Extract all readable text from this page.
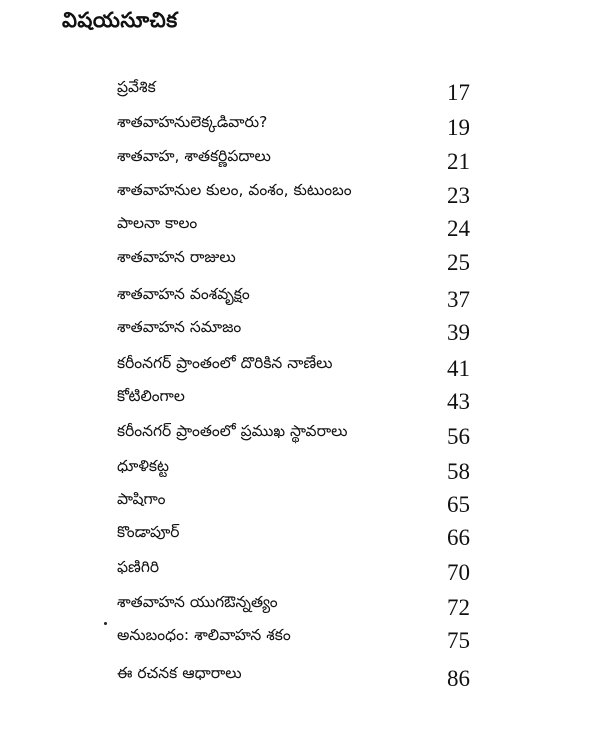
విషయసూచిక
ప్రవేశిక	17
శాతవాహనులెక్కడివారు?	19
శాతవాహ, శాతకర్ణిపదాలు	21
శాతవాహనుల కులం, వంశం, కుటుంబం	23
పాలనా కాలం	24
శాతవాహన రాజులు	25
శాతవాహన వంశవృక్షం	37
శాతవాహన సమాజం	39
కరీంనగర్ ప్రాంతంలో దొరికిన నాణేలు	41
కోటిలింగాల	43
కరీంనగర్ ప్రాంతంలో ప్రముఖ స్థావరాలు	56
ధూళికట్ట	58
పాషిగాం	65
కొండాపూర్	66
ఫణిగిరి	70
శాతవాహన యుగఔన్నత్యం	72
అనుబంధం: శాలివాహన శకం	75
ఈ రచనక ఆధారాలు	86
